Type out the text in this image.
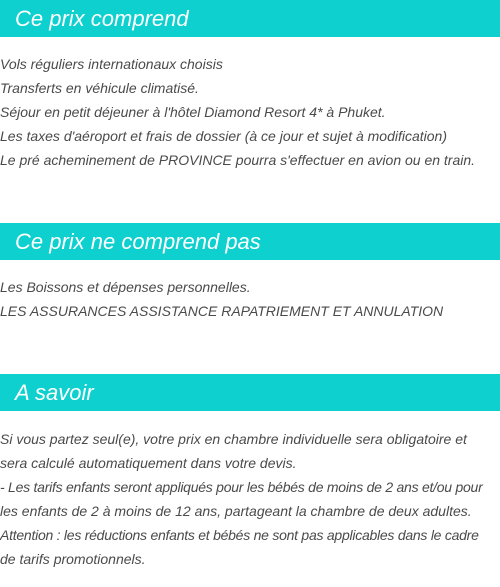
Ce prix comprend
Vols réguliers internationaux choisis
Transferts en véhicule climatisé.
Séjour en petit déjeuner à l'hôtel Diamond Resort 4* à Phuket.
Les taxes d'aéroport et frais de dossier (à ce jour et sujet à modification)
Le pré acheminement de PROVINCE pourra s'effectuer en avion ou en train.
Ce prix ne comprend pas
Les Boissons et dépenses personnelles.
LES ASSURANCES ASSISTANCE RAPATRIEMENT ET ANNULATION
A savoir
Si vous partez seul(e), votre prix en chambre individuelle sera obligatoire et
sera calculé automatiquement dans votre devis.
- Les tarifs enfants seront appliqués pour les bébés de moins de 2 ans et/ou pour
les enfants de 2 à moins de 12 ans, partageant la chambre de deux adultes.
Attention : les réductions enfants et bébés ne sont pas applicables dans le cadre
de tarifs promotionnels.
